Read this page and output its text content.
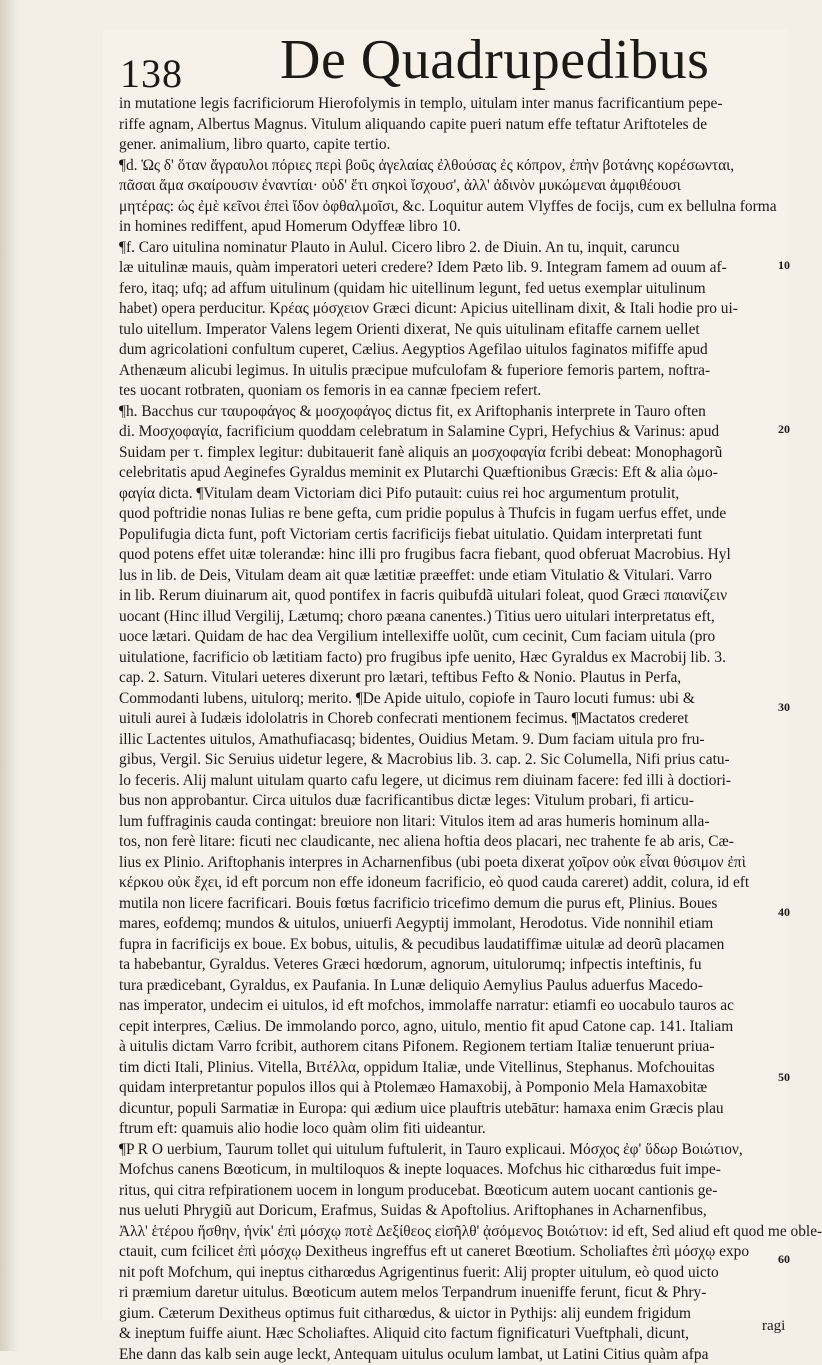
138 De Quadrupedibus
in mutatione legis facrificiorum Hierofolymis in templo, uitulam inter manus facrificantium pepe-
riffe agnam, Albertus Magnus. Vitulum aliquando capite pueri natum effe teftatur Ariftoteles de
gener. animalium, libro quarto, capite tertio.
¶d. Ὡς δ' ὅταν ἄγραυλοι πόριες περὶ βοῦς ἀγελαίας ἐλθούσας ἐς κόπρον, ἐπὴν βοτάνης κορέσωνται,
πᾶσαι ἅμα σκαίρουσιν ἐναντίαι· οὐδ' ἔτι σηκοὶ ἴσχουσ', ἀλλ' ἀδινὸν μυκώμεναι ἀμφιθέουσι
μητέρας: ὡς ἐμὲ κεῖνοι ἐπεὶ ἴδον ὀφθαλμοῖσι, &c. Loquitur autem Vlyffes de focijs, cum ex bellulna forma
in homines rediffent, apud Homerum Odyffeæ libro 10.
¶f. Caro uitulina nominatur Plauto in Aulul. Cicero libro 2. de Diuin. An tu, inquit, caruncu
læ uitulinæ mauis, quàm imperatori ueteri credere? Idem Pæto lib. 9. Integram famem ad ouum af-
fero, itaq; ufq; ad affum uitulinum (quidam hic uitellinum legunt, fed uetus exemplar uitulinum
habet) opera perducitur. Κρέας μόσχειον Græci dicunt: Apicius uitellinam dixit, & Itali hodie pro ui-
tulo uitellum. Imperator Valens legem Orienti dixerat, Ne quis uitulinam efitaffe carnem uellet
dum agricolationi confultum cuperet, Cælius. Aegyptios Agefilao uitulos faginatos mififfe apud
Athenæum alicubi legimus. In uitulis præcipue mufculofam & fuperiore femoris partem, noftra-
tes uocant rotbraten, quoniam os femoris in ea cannæ fpeciem refert.
¶h. Bacchus cur ταυροφάγος & μοσχοφάγος dictus fit, ex Ariftophanis interprete in Tauro often
di. Μοσχοφαγία, facrificium quoddam celebratum in Salamine Cypri, Hefychius & Varinus: apud
Suidam per τ. fimplex legitur: dubitauerit fanè aliquis an μοσχοφαγία fcribi debeat: Monophagorũ
celebritatis apud Aeginefes Gyraldus meminit ex Plutarchi Quæftionibus Græcis: Eft & alia ὠμο-
φαγία dicta. ¶Vitulam deam Victoriam dici Pifo putauit: cuius rei hoc argumentum protulit,
quod poftridie nonas Iulias re bene gefta, cum pridie populus à Thufcis in fugam uerfus effet, unde
Populifugia dicta funt, poft Victoriam certis facrificijs fiebat uitulatio. Quidam interpretati funt
quod potens effet uitæ tolerandæ: hinc illi pro frugibus facra fiebant, quod obferuat Macrobius. Hyl
lus in lib. de Deis, Vitulam deam ait quæ lætitiæ præeffet: unde etiam Vitulatio & Vitulari. Varro
in lib. Rerum diuinarum ait, quod pontifex in facris quibufdã uitulari foleat, quod Græci παιανίζειν
uocant (Hinc illud Vergilij, Lætumq; choro pæana canentes.) Titius uero uitulari interpretatus eft,
uoce lætari. Quidam de hac dea Vergilium intellexiffe uolũt, cum cecinit, Cum faciam uitula (pro
uitulatione, facrificio ob lætitiam facto) pro frugibus ipfe uenito, Hæc Gyraldus ex Macrobij lib. 3.
cap. 2. Saturn. Vitulari ueteres dixerunt pro lætari, teftibus Fefto & Nonio. Plautus in Perfa,
Commodanti lubens, uitulorq; merito. ¶De Apide uitulo, copiofe in Tauro locuti fumus: ubi &
uituli aurei à Iudæis idololatris in Choreb confecrati mentionem fecimus. ¶Mactatos crederet
illic Lactentes uitulos, Amathufiacasq; bidentes, Ouidius Metam. 9. Dum faciam uitula pro fru-
gibus, Vergil. Sic Seruius uidetur legere, & Macrobius lib. 3. cap. 2. Sic Columella, Nifi prius catu-
lo feceris. Alij malunt uitulam quarto cafu legere, ut dicimus rem diuinam facere: fed illi à doctiori-
bus non approbantur. Circa uitulos duæ facrificantibus dictæ leges: Vitulum probari, fi articu-
lum fuffraginis cauda contingat: breuiore non litari: Vitulos item ad aras humeris hominum alla-
tos, non ferè litare: ficuti nec claudicante, nec aliena hoftia deos placari, nec trahente fe ab aris, Cæ-
lius ex Plinio. Ariftophanis interpres in Acharnenfibus (ubi poeta dixerat χοῖρον οὐκ εἶναι θύσιμον ἐπὶ
κέρκου οὐκ ἔχει, id eft porcum non effe idoneum facrificio, eò quod cauda careret) addit, colura, id eft
mutila non licere facrificari. Bouis fœtus facrificio tricefimo demum die purus eft, Plinius. Boues
mares, eofdemq; mundos & uitulos, uniuerfi Aegyptij immolant, Herodotus. Vide nonnihil etiam
fupra in facrificijs ex boue. Ex bobus, uitulis, & pecudibus laudatiffimæ uitulæ ad deorũ placamen
ta habebantur, Gyraldus. Veteres Græci hœdorum, agnorum, uitulorumq; infpectis inteftinis, fu
tura prædicebant, Gyraldus, ex Paufania. In Lunæ deliquio Aemylius Paulus aduerfus Macedo-
nas imperator, undecim ei uitulos, id eft mofchos, immolaffe narratur: etiamfi eo uocabulo tauros ac
cepit interpres, Cælius. De immolando porco, agno, uitulo, mentio fit apud Catone cap. 141. Italiam
à uitulis dictam Varro fcribit, authorem citans Pifonem. Regionem tertiam Italiæ tenuerunt priua-
tim dicti Itali, Plinius. Vitella, Βιτέλλα, oppidum Italiæ, unde Vitellinus, Stephanus. Mofchouitas
quidam interpretantur populos illos qui à Ptolemæo Hamaxobij, à Pomponio Mela Hamaxobitæ
dicuntur, populi Sarmatiæ in Europa: qui ædium uice plauftris utebātur: hamaxa enim Græcis plau
ftrum eft: quamuis alio hodie loco quàm olim fiti uideantur.
¶P R O uerbium, Taurum tollet qui uitulum fuftulerit, in Tauro explicaui. Μόσχος ἐφ' ὕδωρ Βοιώτιον,
Mofchus canens Bœoticum, in multiloquos & inepte loquaces. Mofchus hic citharœdus fuit impe-
ritus, qui citra refpirationem uocem in longum producebat. Bœoticum autem uocant cantionis ge-
nus ueluti Phrygiũ aut Doricum, Erafmus, Suidas & Apoftolius. Ariftophanes in Acharnenfibus,
Ἀλλ' ἑτέρου ἥσθην, ἡνίκ' ἐπὶ μόσχῳ ποτὲ Δεξίθεος εἰσῆλθ' ᾀσόμενος Βοιώτιον: id eft, Sed aliud eft quod me oble-
ctauit, cum fcilicet ἐπὶ μόσχῳ Dexitheus ingreffus eft ut caneret Bœotium. Scholiaftes ἐπὶ μόσχῳ expo
nit poft Mofchum, qui ineptus citharœdus Agrigentinus fuerit: Alij propter uitulum, eò quod uicto
ri præmium daretur uitulus. Bœoticum autem melos Terpandrum inueniffe ferunt, ficut & Phry-
gium. Cæterum Dexitheus optimus fuit citharœdus, & uictor in Pythijs: alij eundem frigidum
& ineptum fuiffe aiunt. Hæc Scholiaftes. Aliquid cito factum fignificaturi Vueftphali, dicunt,
Ehe dann das kalb sein auge leckt, Antequam uitulus oculum lambat, ut Latini Citius quàm afpa
10
20
30
40
50
60
ragi
